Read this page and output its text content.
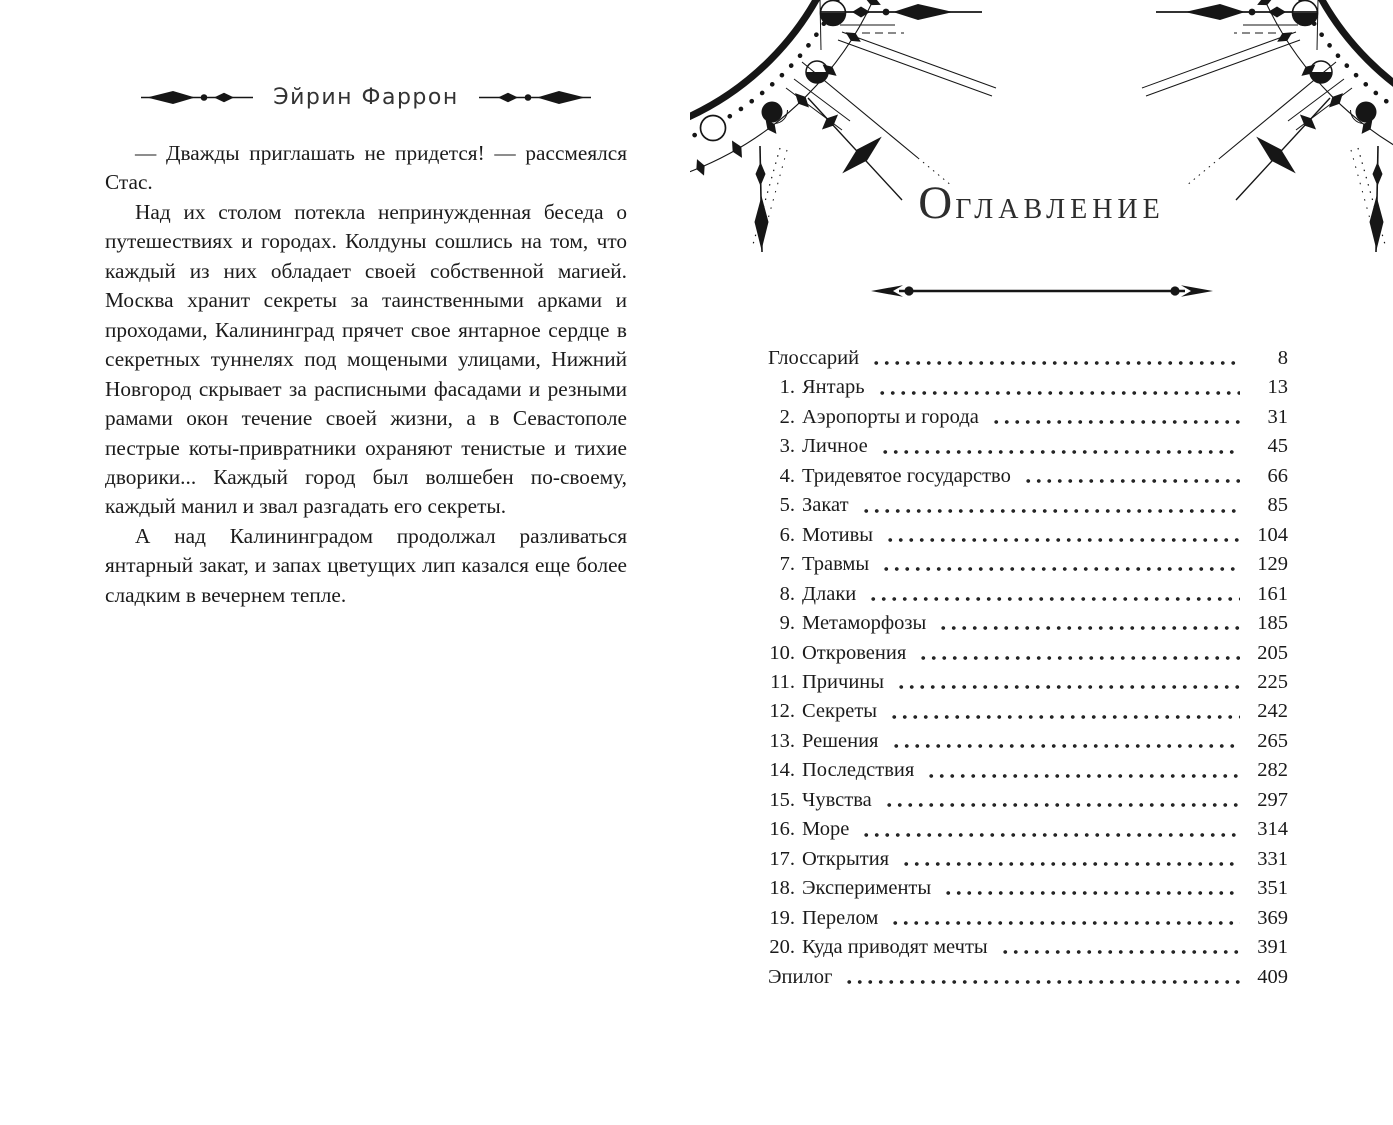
Эйрин Фаррон

— Дважды приглашать не придется! — рассмеялся Стас.

Над их столом потекла непринужденная беседа о путешествиях и городах. Колдуны сошлись на том, что каждый из них обладает своей собственной магией. Москва хранит секреты за таинственными арками и проходами, Калининград прячет свое янтарное сердце в секретных туннелях под мощеными улицами, Нижний Новгород скрывает за расписными фасадами и резными рамами окон течение своей жизни, а в Севастополе пестрые коты-привратники охраняют тенистые и тихие дворики... Каждый город был волшебен по-своему, каждый манил и звал разгадать его секреты.

А над Калининградом продолжал разливаться янтарный закат, и запах цветущих лип казался еще более сладким в вечернем тепле.

ОГЛАВЛЕНИЕ
Глоссарий	8
1. Янтарь	13
2. Аэропорты и города	31
3. Личное	45
4. Тридевятое государство	66
5. Закат	85
6. Мотивы	104
7. Травмы	129
8. Длаки	161
9. Метаморфозы	185
10. Откровения	205
11. Причины	225
12. Секреты	242
13. Решения	265
14. Последствия	282
15. Чувства	297
16. Море	314
17. Открытия	331
18. Эксперименты	351
19. Перелом	369
20. Куда приводят мечты	391
Эпилог	409
